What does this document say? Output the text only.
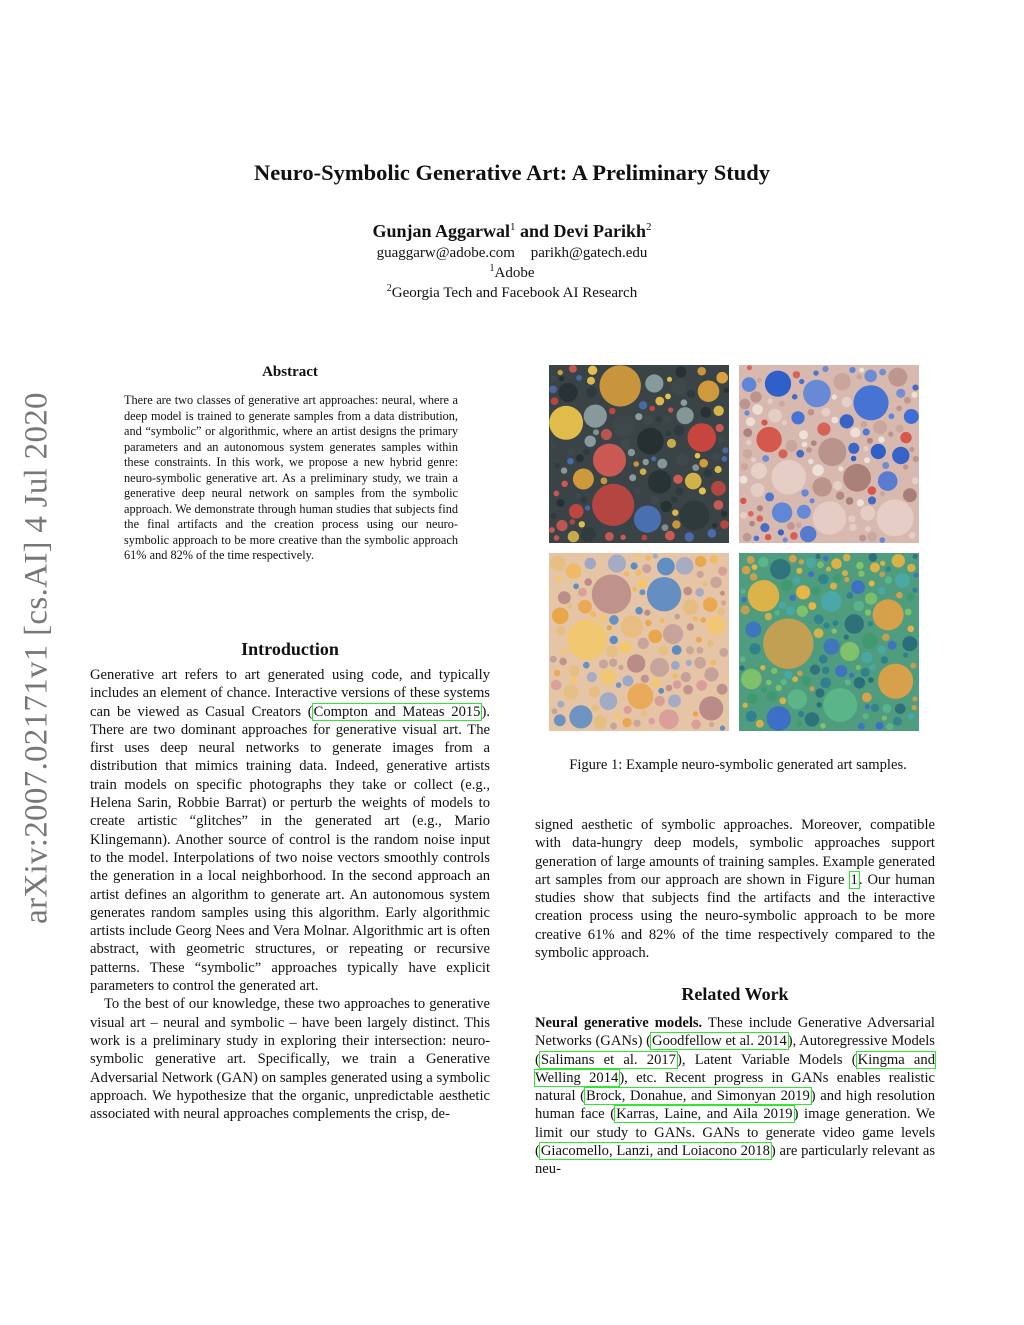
arXiv:2007.02171v1 [cs.AI] 4 Jul 2020
Neuro-Symbolic Generative Art: A Preliminary Study
Gunjan Aggarwal$^1$ and Devi Parikh$^2$
guaggarw@adobe.com parikh@gatech.edu
$^1$Adobe
$^2$Georgia Tech and Facebook AI Research
Abstract
There are two classes of generative art approaches: neural, where a deep model is trained to generate samples from a data distribution, and “symbolic” or algorithmic, where an artist designs the primary parameters and an autonomous system generates samples within these constraints. In this work, we propose a new hybrid genre: neuro-symbolic generative art. As a preliminary study, we train a generative deep neural network on samples from the symbolic approach. We demonstrate through human studies that subjects find the final artifacts and the creation process using our neuro-symbolic approach to be more creative than the symbolic approach 61% and 82% of the time respectively.
Introduction

Generative art refers to art generated using code, and typically includes an element of chance. Interactive versions of these systems can be viewed as Casual Creators (Compton and Mateas 2015). There are two dominant approaches for generative visual art. The first uses deep neural networks to generate images from a distribution that mimics training data. Indeed, generative artists train models on specific photographs they take or collect (e.g., Helena Sarin, Robbie Barrat) or perturb the weights of models to create artistic “glitches” in the generated art (e.g., Mario Klingemann). Another source of control is the random noise input to the model. Interpolations of two noise vectors smoothly controls the generation in a local neighborhood. In the second approach an artist defines an algorithm to generate art. An autonomous system generates random samples using this algorithm. Early algorithmic artists include Georg Nees and Vera Molnar. Algorithmic art is often abstract, with geometric structures, or repeating or recursive patterns. These “symbolic” approaches typically have explicit parameters to control the generated art.

To the best of our knowledge, these two approaches to generative visual art – neural and symbolic – have been largely distinct. This work is a preliminary study in exploring their intersection: neuro-symbolic generative art. Specifically, we train a Generative Adversarial Network (GAN) on samples generated using a symbolic approach. We hypothesize that the organic, unpredictable aesthetic associated with neural approaches complements the crisp, de-

Figure 1: Example neuro-symbolic generated art samples.

signed aesthetic of symbolic approaches. Moreover, compatible with data-hungry deep models, symbolic approaches support generation of large amounts of training samples. Example generated art samples from our approach are shown in Figure 1. Our human studies show that subjects find the artifacts and the interactive creation process using the neuro-symbolic approach to be more creative 61% and 82% of the time respectively compared to the symbolic approach.

Related Work

Neural generative models. These include Generative Adversarial Networks (GANs) (Goodfellow et al. 2014), Autoregressive Models (Salimans et al. 2017), Latent Variable Models (Kingma and Welling 2014), etc. Recent progress in GANs enables realistic natural (Brock, Donahue, and Simonyan 2019) and high resolution human face (Karras, Laine, and Aila 2019) image generation. We limit our study to GANs. GANs to generate video game levels (Giacomello, Lanzi, and Loiacono 2018) are particularly relevant as neu-
